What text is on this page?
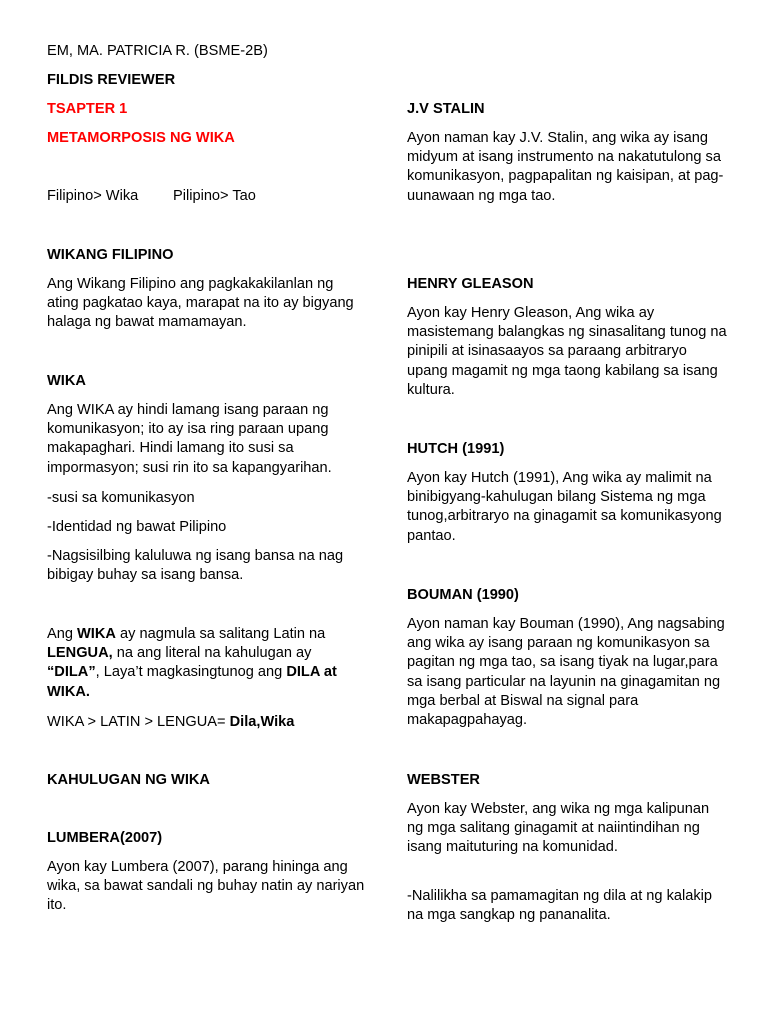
EM, MA. PATRICIA R. (BSME-2B)

FILDIS REVIEWER

TSAPTER 1

METAMORPOSIS NG WIKA

Filipino> Wika Pilipino> Tao

WIKANG FILIPINO

Ang Wikang Filipino ang pagkakakilanlan ng ating pagkatao kaya, marapat na ito ay bigyang halaga ng bawat mamamayan.

WIKA

Ang WIKA ay hindi lamang isang paraan ng komunikasyon; ito ay isa ring paraan upang makapaghari. Hindi lamang ito susi sa impormasyon; susi rin ito sa kapangyarihan.

-susi sa komunikasyon

-Identidad ng bawat Pilipino

-Nagsisilbing kaluluwa ng isang bansa na nag bibigay buhay sa isang bansa.

Ang WIKA ay nagmula sa salitang Latin na LENGUA, na ang literal na kahulugan ay “DILA”, Laya’t magkasingtunog ang DILA at WIKA.

WIKA > LATIN > LENGUA= Dila,Wika

KAHULUGAN NG WIKA

LUMBERA(2007)

Ayon kay Lumbera (2007), parang hininga ang wika, sa bawat sandali ng buhay natin ay nariyan ito.

J.V STALIN

Ayon naman kay J.V. Stalin, ang wika ay isang midyum at isang instrumento na nakatutulong sa komunikasyon, pagpapalitan ng kaisipan, at pag-uunawaan ng mga tao.

HENRY GLEASON

Ayon kay Henry Gleason, Ang wika ay masistemang balangkas ng sinasalitang tunog na pinipili at isinasaayos sa paraang arbitraryo upang magamit ng mga taong kabilang sa isang kultura.

HUTCH (1991)

Ayon kay Hutch (1991), Ang wika ay malimit na binibigyang-kahulugan bilang Sistema ng mga tunog,arbitraryo na ginagamit sa komunikasyong pantao.

BOUMAN (1990)

Ayon naman kay Bouman (1990), Ang nagsabing ang wika ay isang paraan ng komunikasyon sa pagitan ng mga tao, sa isang tiyak na lugar,para sa isang particular na layunin na ginagamitan ng mga berbal at Biswal na signal para makapagpahayag.

WEBSTER

Ayon kay Webster, ang wika ng mga kalipunan ng mga salitang ginagamit at naiintindihan ng isang maituturing na komunidad.

-Nalilikha sa pamamagitan ng dila at ng kalakip na mga sangkap ng pananalita.
